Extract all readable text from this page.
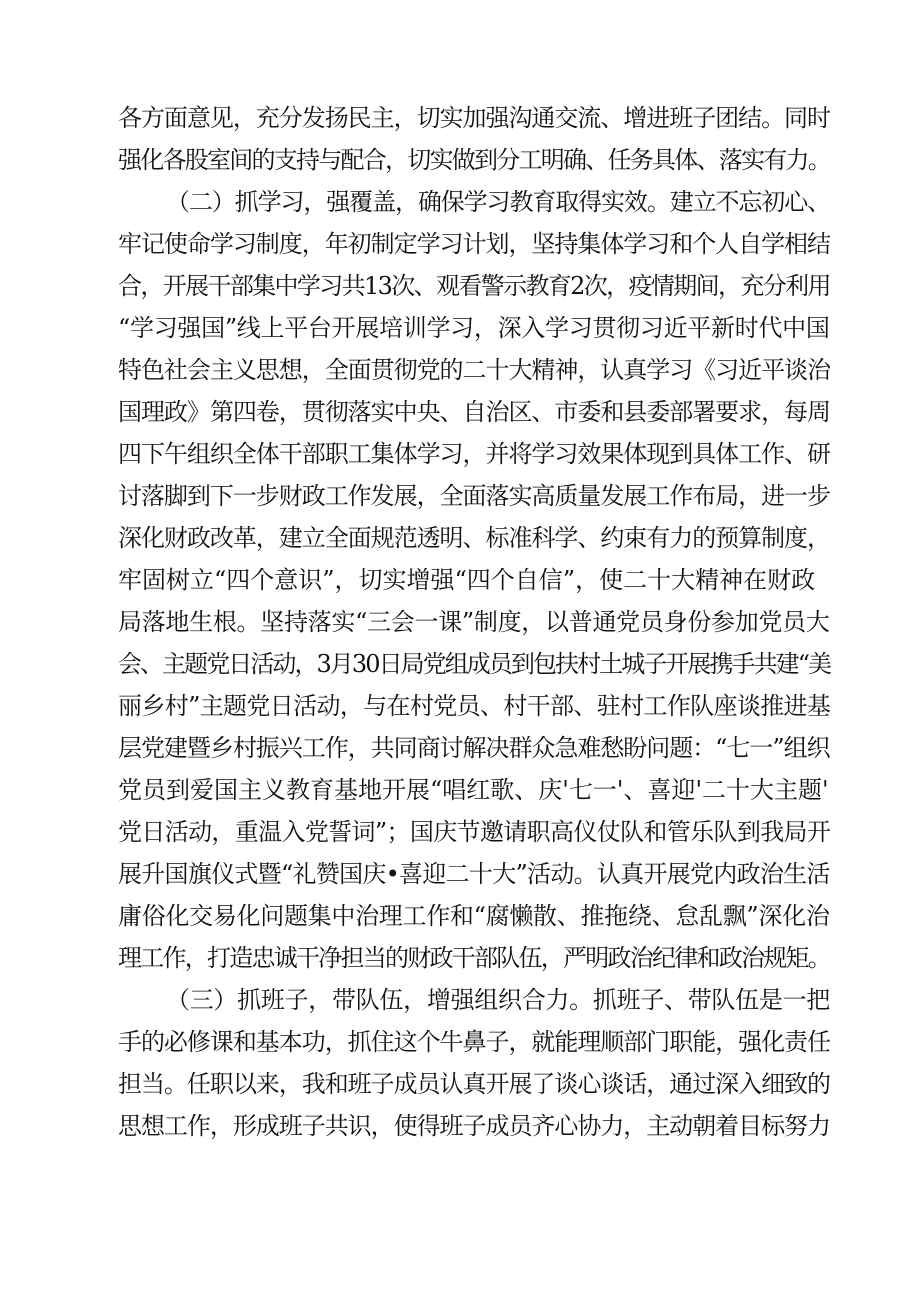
各方面意见，充分发扬民主，切实加强沟通交流、增进班子团结。同时
强化各股室间的支持与配合，切实做到分工明确、任务具体、落实有力。
（二）抓学习，强覆盖，确保学习教育取得实效。建立不忘初心、
牢记使命学习制度，年初制定学习计划，坚持集体学习和个人自学相结
合，开展干部集中学习共13次、观看警示教育2次，疫情期间，充分利用
“学习强国”线上平台开展培训学习，深入学习贯彻习近平新时代中国
特色社会主义思想，全面贯彻党的二十大精神，认真学习《习近平谈治
国理政》第四卷，贯彻落实中央、自治区、市委和县委部署要求，每周
四下午组织全体干部职工集体学习，并将学习效果体现到具体工作、研
讨落脚到下一步财政工作发展，全面落实高质量发展工作布局，进一步
深化财政改革，建立全面规范透明、标准科学、约束有力的预算制度，
牢固树立“四个意识”，切实增强“四个自信”，使二十大精神在财政
局落地生根。坚持落实“三会一课”制度，以普通党员身份参加党员大
会、主题党日活动，3月30日局党组成员到包扶村土城子开展携手共建“美
丽乡村”主题党日活动，与在村党员、村干部、驻村工作队座谈推进基
层党建暨乡村振兴工作，共同商讨解决群众急难愁盼问题：“七一”组织
党员到爱国主义教育基地开展“唱红歌、庆'七一'、喜迎'二十大主题'
党日活动，重温入党誓词”；国庆节邀请职高仪仗队和管乐队到我局开
展升国旗仪式暨“礼赞国庆•喜迎二十大”活动。认真开展党内政治生活
庸俗化交易化问题集中治理工作和“腐懒散、推拖绕、怠乱飘”深化治
理工作，打造忠诚干净担当的财政干部队伍，严明政治纪律和政治规矩。
（三）抓班子，带队伍，增强组织合力。抓班子、带队伍是一把
手的必修课和基本功，抓住这个牛鼻子，就能理顺部门职能，强化责任
担当。任职以来，我和班子成员认真开展了谈心谈话，通过深入细致的
思想工作，形成班子共识，使得班子成员齐心协力，主动朝着目标努力
